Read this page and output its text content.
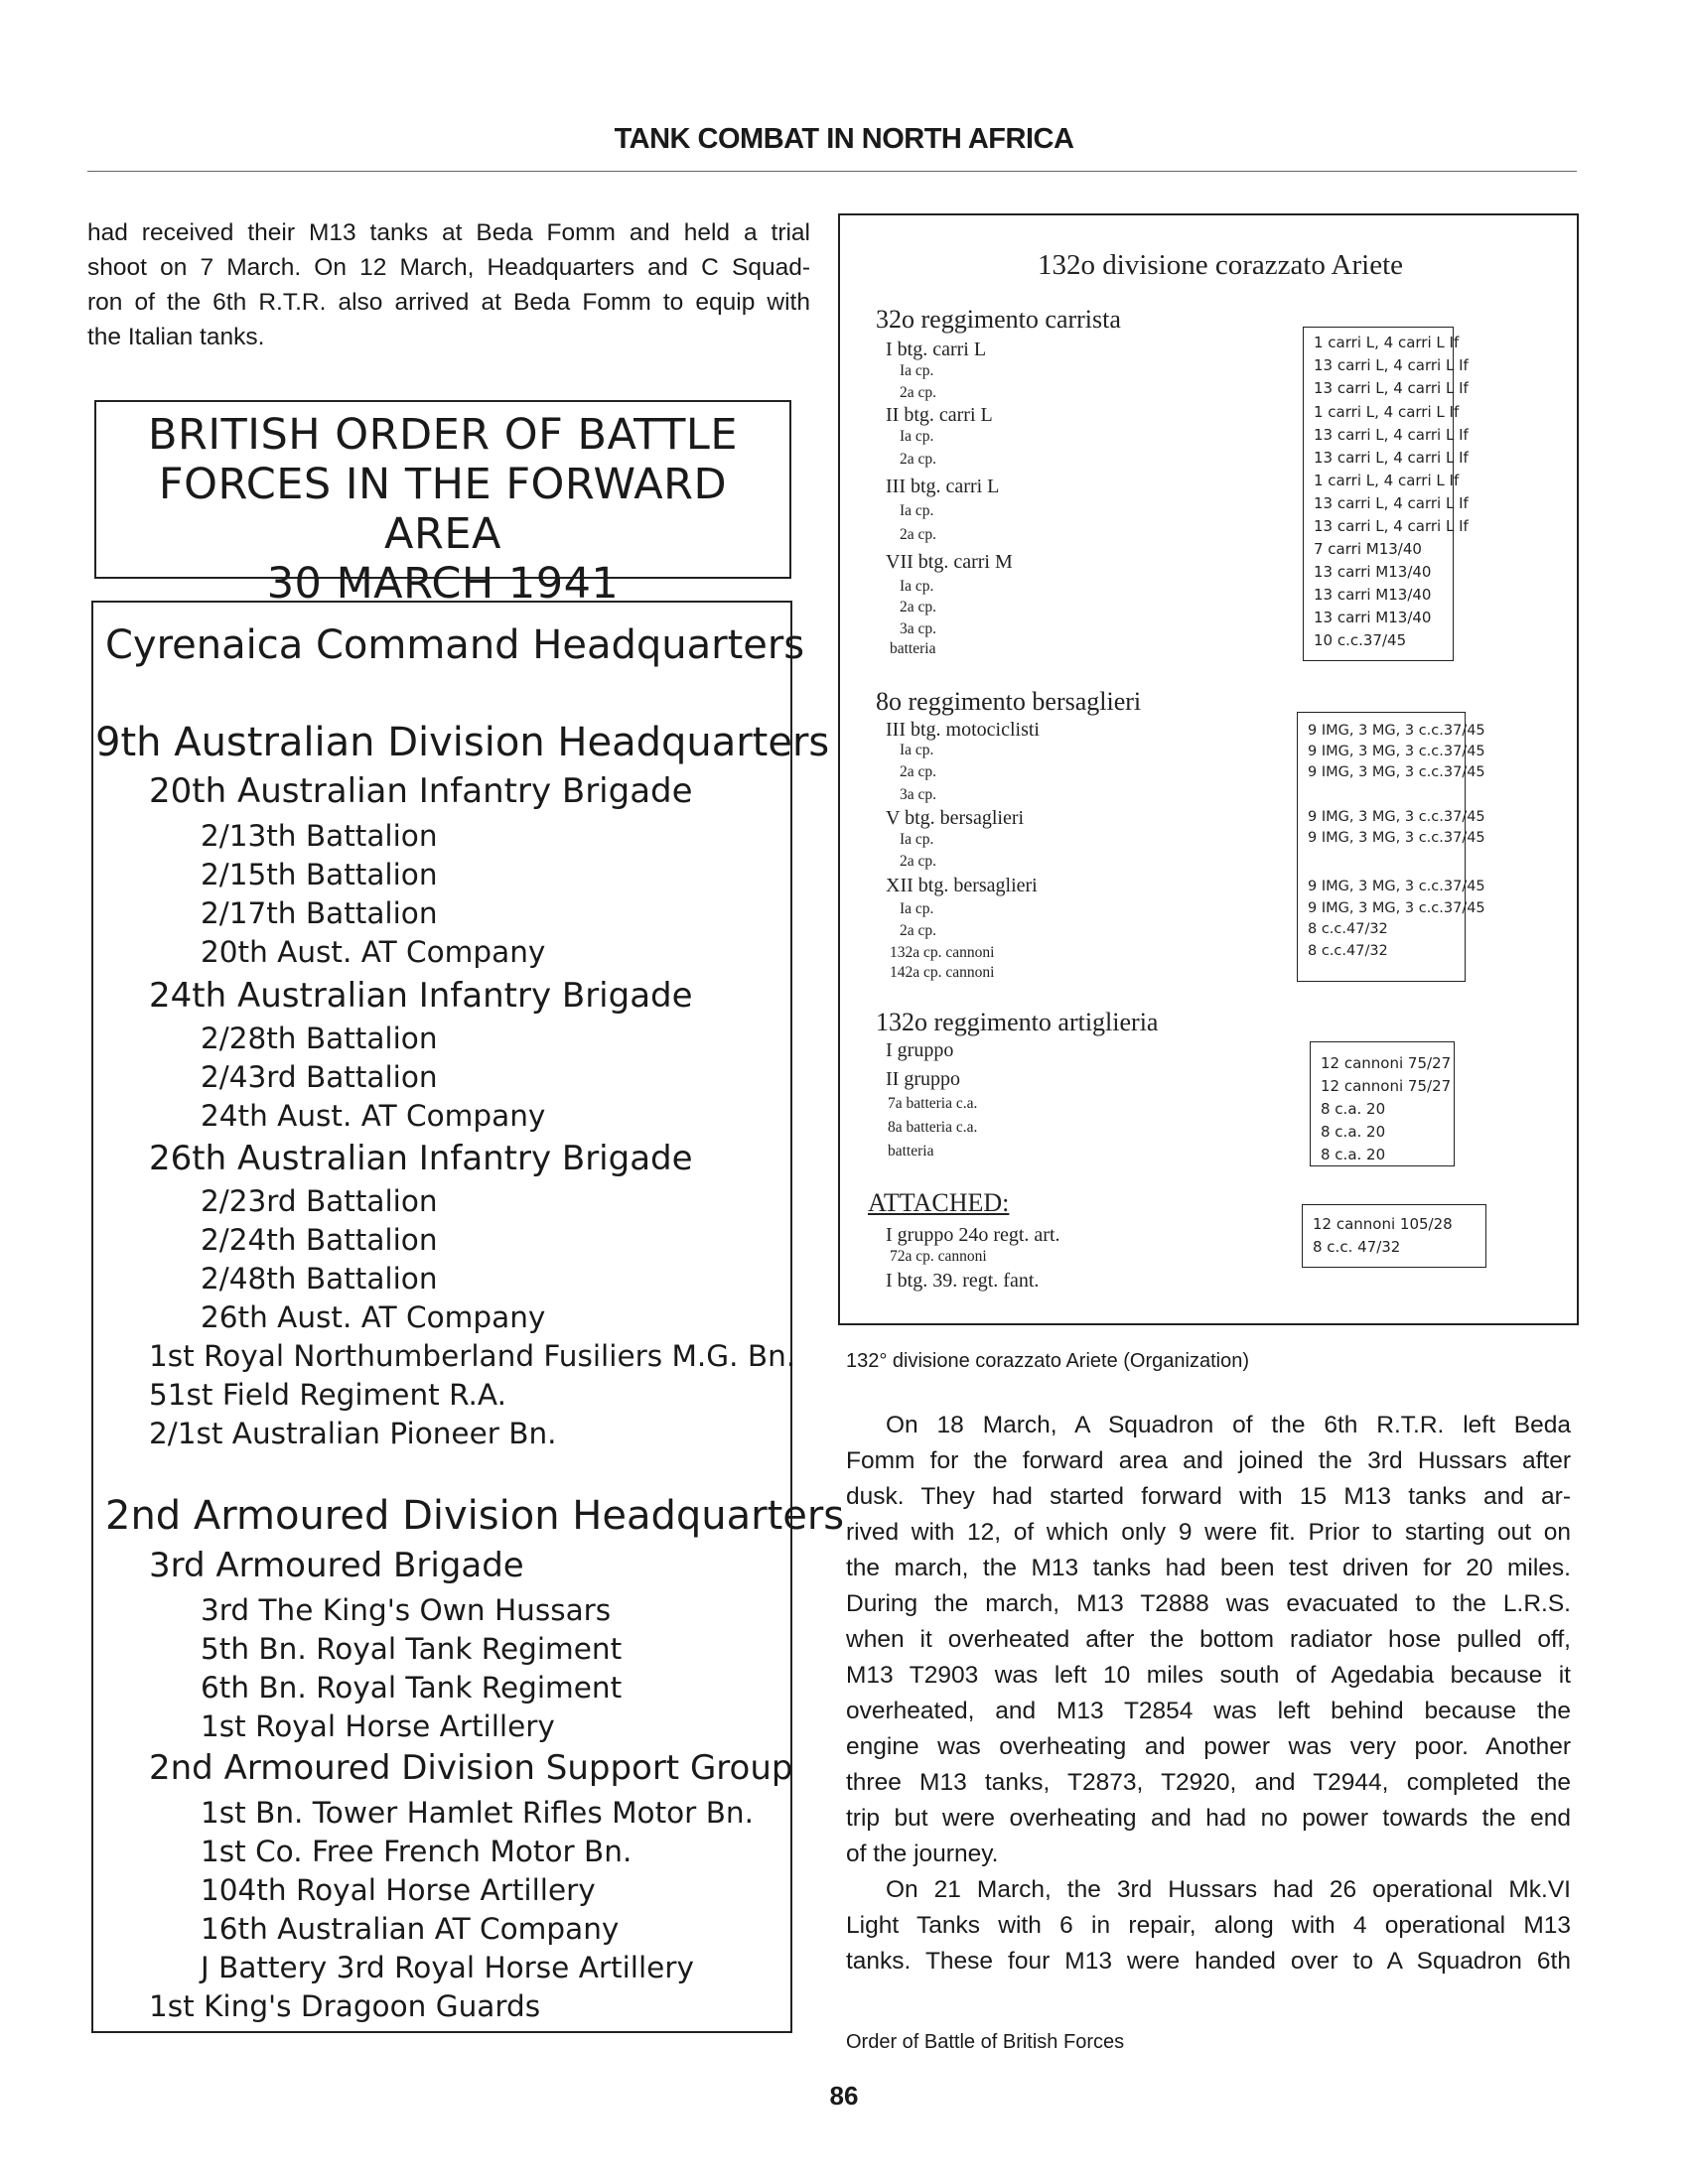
TANK COMBAT IN NORTH AFRICA
had received their M13 tanks at Beda Fomm and held a trial
shoot on 7 March. On 12 March, Headquarters and C Squad-
ron of the 6th R.T.R. also arrived at Beda Fomm to equip with
the Italian tanks.
BRITISH ORDER OF BATTLE
FORCES IN THE FORWARD AREA
30 MARCH 1941
Cyrenaica Command Headquarters
9th Australian Division Headquarters
20th Australian Infantry Brigade
2/13th Battalion
2/15th Battalion
2/17th Battalion
20th Aust. AT Company
24th Australian Infantry Brigade
2/28th Battalion
2/43rd Battalion
24th Aust. AT Company
26th Australian Infantry Brigade
2/23rd Battalion
2/24th Battalion
2/48th Battalion
26th Aust. AT Company
1st Royal Northumberland Fusiliers M.G. Bn.
51st Field Regiment R.A.
2/1st Australian Pioneer Bn.
2nd Armoured Division Headquarters
3rd Armoured Brigade
3rd The King's Own Hussars
5th Bn. Royal Tank Regiment
6th Bn. Royal Tank Regiment
1st Royal Horse Artillery
2nd Armoured Division Support Group
1st Bn. Tower Hamlet Rifles Motor Bn.
1st Co. Free French Motor Bn.
104th Royal Horse Artillery
16th Australian AT Company
J Battery 3rd Royal Horse Artillery
1st King's Dragoon Guards
132o divisione corazzato Ariete
32o reggimento carrista
I btg. carri L
Ia cp.
2a cp.
II btg. carri L
Ia cp.
2a cp.
III btg. carri L
Ia cp.
2a cp.
VII btg. carri M
Ia cp.
2a cp.
3a cp.
batteria
1 carri L, 4 carri L If
13 carri L, 4 carri L If
13 carri L, 4 carri L If
1 carri L, 4 carri L If
13 carri L, 4 carri L If
13 carri L, 4 carri L If
1 carri L, 4 carri L If
13 carri L, 4 carri L If
13 carri L, 4 carri L If
7 carri M13/40
13 carri M13/40
13 carri M13/40
13 carri M13/40
10 c.c.37/45
8o reggimento bersaglieri
III btg. motociclisti
Ia cp.
2a cp.
3a cp.
V btg. bersaglieri
Ia cp.
2a cp.
XII btg. bersaglieri
Ia cp.
2a cp.
132a cp. cannoni
142a cp. cannoni
9 IMG, 3 MG, 3 c.c.37/45
9 IMG, 3 MG, 3 c.c.37/45
9 IMG, 3 MG, 3 c.c.37/45
9 IMG, 3 MG, 3 c.c.37/45
9 IMG, 3 MG, 3 c.c.37/45
9 IMG, 3 MG, 3 c.c.37/45
9 IMG, 3 MG, 3 c.c.37/45
8 c.c.47/32
8 c.c.47/32
132o reggimento artiglieria
I gruppo
II gruppo
7a batteria c.a.
8a batteria c.a.
batteria
12 cannoni 75/27
12 cannoni 75/27
8 c.a. 20
8 c.a. 20
8 c.a. 20
ATTACHED:
I gruppo 24o regt. art.
72a cp. cannoni
I btg. 39. regt. fant.
12 cannoni 105/28
8 c.c. 47/32
132° divisione corazzato Ariete (Organization)
On 18 March, A Squadron of the 6th R.T.R. left Beda
Fomm for the forward area and joined the 3rd Hussars after
dusk. They had started forward with 15 M13 tanks and ar-
rived with 12, of which only 9 were fit. Prior to starting out on
the march, the M13 tanks had been test driven for 20 miles.
During the march, M13 T2888 was evacuated to the L.R.S.
when it overheated after the bottom radiator hose pulled off,
M13 T2903 was left 10 miles south of Agedabia because it
overheated, and M13 T2854 was left behind because the
engine was overheating and power was very poor. Another
three M13 tanks, T2873, T2920, and T2944, completed the
trip but were overheating and had no power towards the end
of the journey.
On 21 March, the 3rd Hussars had 26 operational Mk.VI
Light Tanks with 6 in repair, along with 4 operational M13
tanks. These four M13 were handed over to A Squadron 6th
Order of Battle of British Forces
86
